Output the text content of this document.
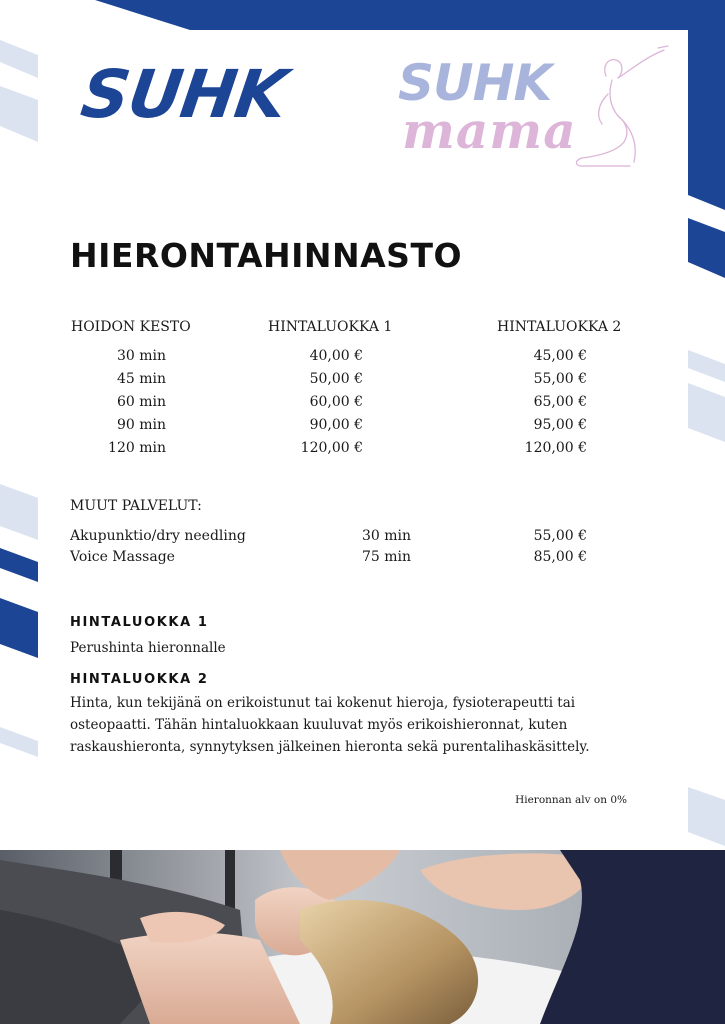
SUHK SUHK
mama
HIERONTAHINNASTO
HOIDON KESTO	HINTALUOKKA 1	HINTALUOKKA 2
30 min	40,00 €	45,00 €
45 min	50,00 €	55,00 €
60 min	60,00 €	65,00 €
90 min	90,00 €	95,00 €
120 min	120,00 €	120,00 €
MUUT PALVELUT:
Akupunktio/dry needling	30 min	55,00 €
Voice Massage	75 min	85,00 €
HINTALUOKKA 1
Perushinta hieronnalle
HINTALUOKKA 2
Hinta, kun tekijänä on erikoistunut tai kokenut hieroja, fysioterapeutti tai
osteopaatti. Tähän hintaluokkaan kuuluvat myös erikoishieronnat, kuten
raskaushieronta, synnytyksen jälkeinen hieronta sekä purentalihaskäsittely.
Hieronnan alv on 0%
